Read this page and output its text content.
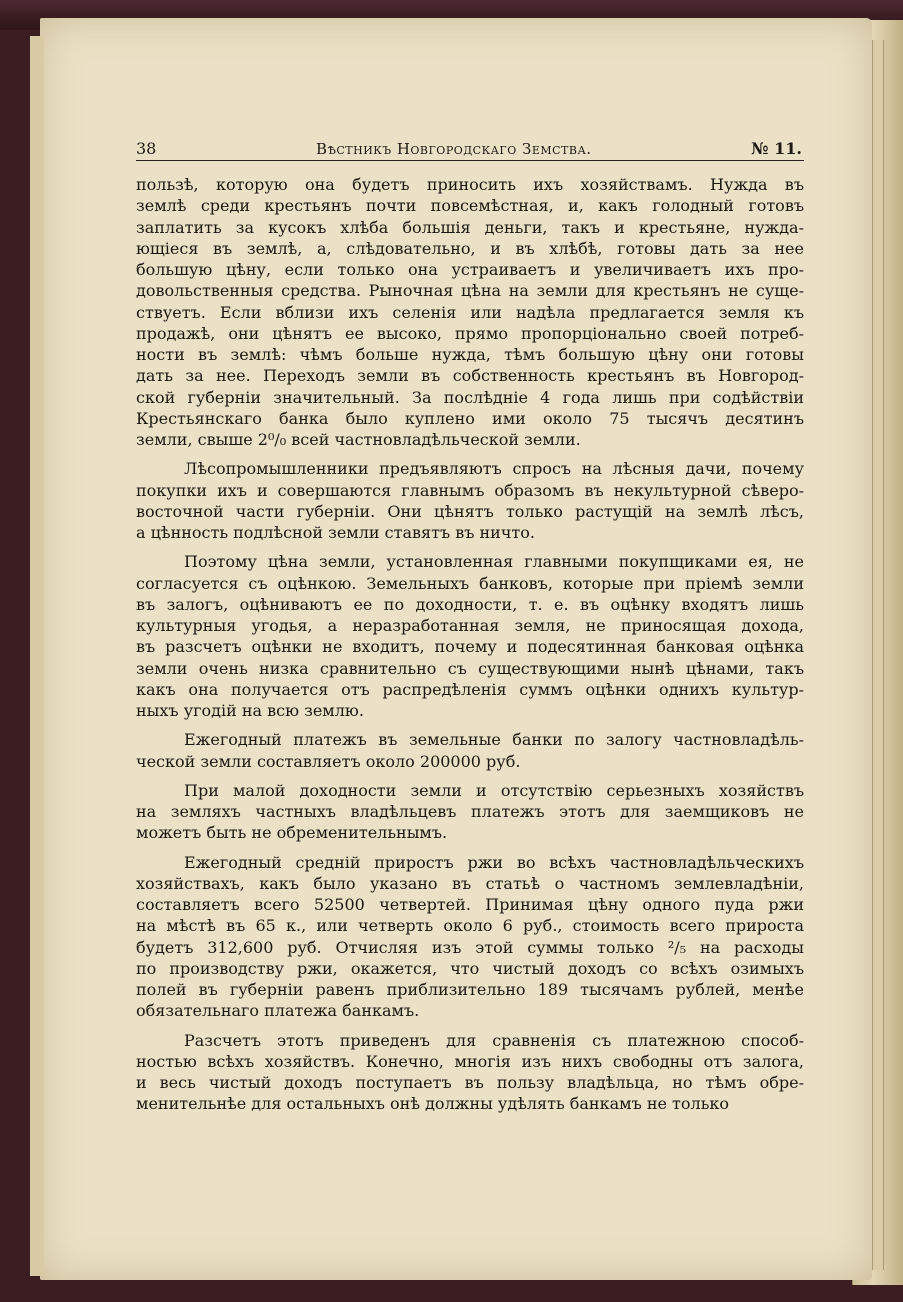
38	Вѣстникъ Новгородскаго Земства.	№ 11.
пользѣ, которую она будетъ приносить ихъ хозяйствамъ. Нужда въ
землѣ среди крестьянъ почти повсемѣстная, и, какъ голодный готовъ
заплатить за кусокъ хлѣба большія деньги, такъ и крестьяне, нуждa-
ющіеся въ землѣ, а, слѣдовательно, и въ хлѣбѣ, готовы дать за нее
большую цѣну, если только она устраиваетъ и увеличиваетъ ихъ про-
довольственныя средства. Рыночная цѣна на земли для крестьянъ не суще-
ствуетъ. Если вблизи ихъ селенія или надѣла предлагается земля къ
продажѣ, они цѣнятъ ее высоко, прямо пропорціонально своей потреб-
ности въ землѣ: чѣмъ больше нужда, тѣмъ большую цѣну они готовы
дать за нее. Переходъ земли въ собственность крестьянъ въ Новгород-
ской губерніи значительный. За послѣдніе 4 года лишь при содѣйствіи
Крестьянскаго банка было куплено ими около 75 тысячъ десятинъ
земли, свыше 2⁰/₀ всей частновладѣльческой земли.
Лѣсопромышленники предъявляютъ спросъ на лѣсныя дачи, почему
покупки ихъ и совершаются главнымъ образомъ въ некультурной сѣверо-
восточной части губерніи. Они цѣнятъ только растущій на землѣ лѣсъ,
а цѣнность подлѣсной земли ставятъ въ ничто.
Поэтому цѣна земли, установленная главными покупщиками ея, не
согласуется съ оцѣнкою. Земельныхъ банковъ, которые при пріемѣ земли
въ залогъ, оцѣниваютъ ее по доходности, т. е. въ оцѣнку входятъ лишь
культурныя угодья, а неразработанная земля, не приносящая дохода,
въ разсчетъ оцѣнки не входитъ, почему и подесятинная банковая оцѣнка
земли очень низка сравнительно съ существующими нынѣ цѣнами, такъ
какъ она получается отъ распредѣленія суммъ оцѣнки одниxъ культур-
ныхъ угодій на всю землю.
Ежегодный платежъ въ земельные банки по залогу частновладѣль-
ческой земли составляетъ около 200000 руб.
При малой доходности земли и отсутствію серьезныхъ хозяйствъ
на земляхъ частныхъ владѣльцевъ платежъ этотъ для заемщиковъ не
можетъ быть не обременительнымъ.
Ежегодный средній приростъ ржи во всѣхъ частновладѣльческихъ
хозяйствахъ, какъ было указано въ статьѣ о частномъ землевладѣніи,
составляетъ всего 52500 четвертей. Принимая цѣну одного пуда ржи
на мѣстѣ въ 65 к., или четверть около 6 руб., стоимость всего прироста
будетъ 312,600 руб. Отчисляя изъ этой суммы только ²/₅ на расходы
по производству ржи, окажется, что чистый доходъ со всѣхъ озимыхъ
полей въ губерніи равенъ приблизительно 189 тысячамъ рублей, менѣе
обязательнаго платежа банкамъ.
Разсчетъ этотъ приведенъ для сравненія съ платежною способ-
ностью всѣхъ хозяйствъ. Конечно, многія изъ нихъ свободны отъ залога,
и весь чистый доходъ поступаетъ въ пользу владѣльца, но тѣмъ обре-
менительнѣе для остальныхъ онѣ должны удѣлять банкамъ не только
